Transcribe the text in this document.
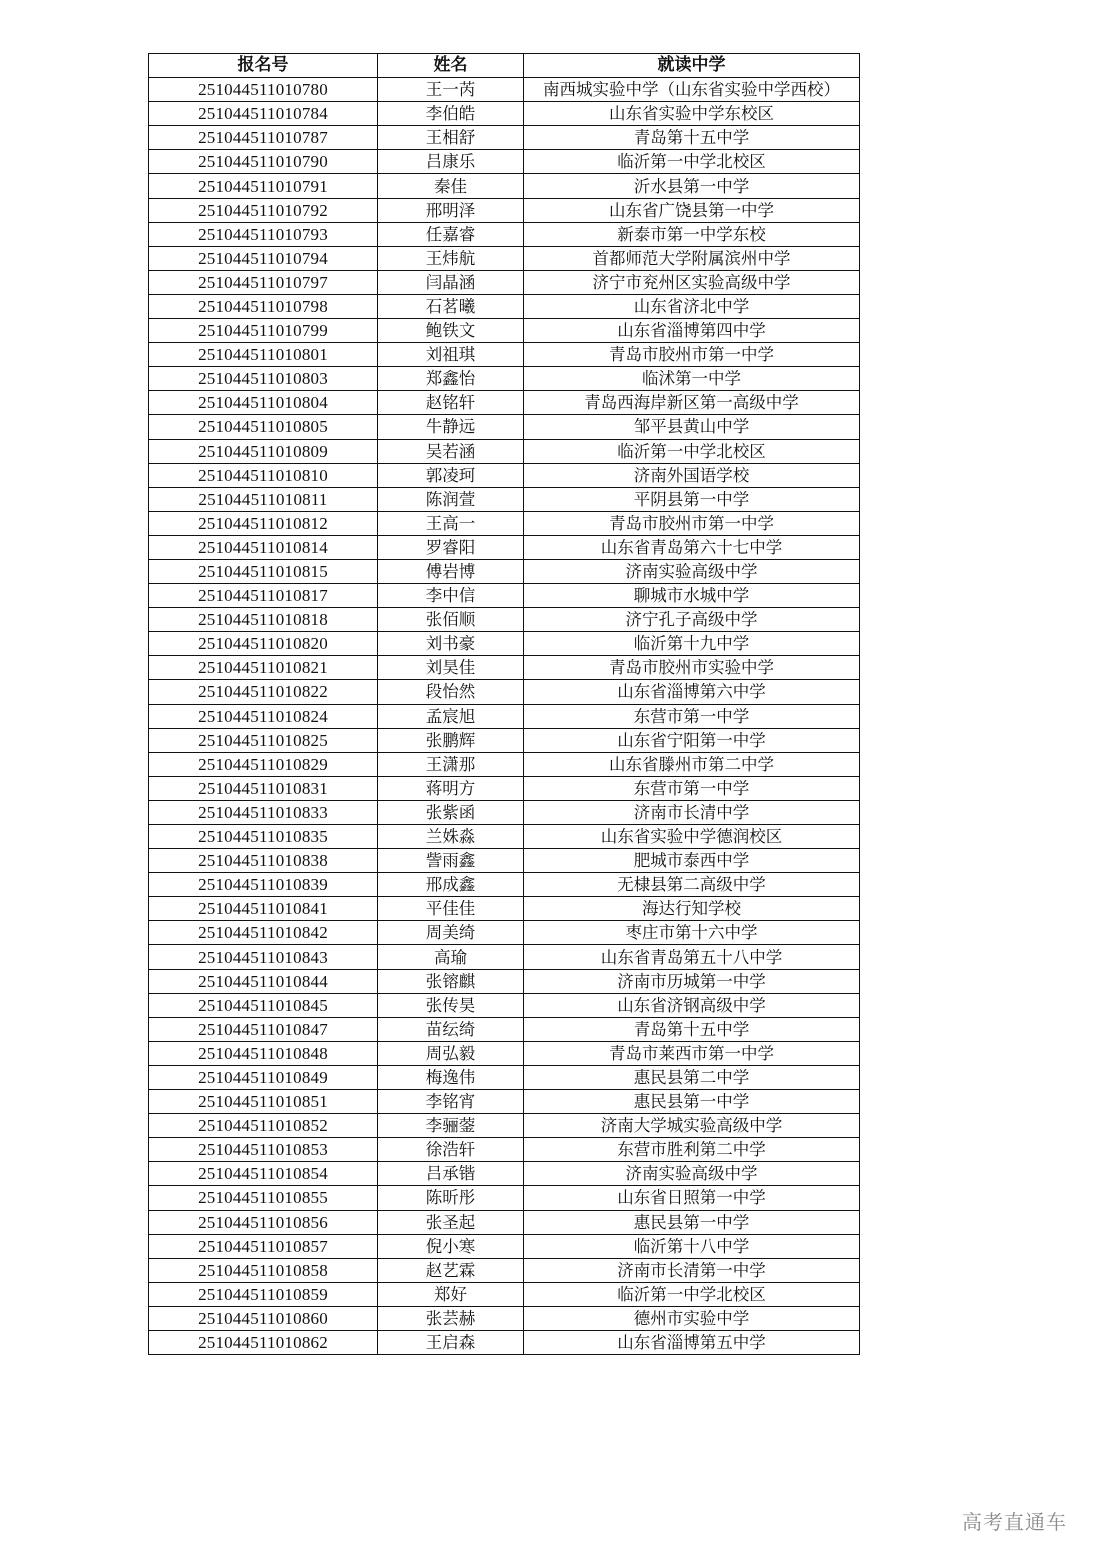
报名号	姓名	就读中学
251044511010780	王一芮	南西城实验中学（山东省实验中学西校）
251044511010784	李伯皓	山东省实验中学东校区
251044511010787	王相舒	青岛第十五中学
251044511010790	吕康乐	临沂第一中学北校区
251044511010791	秦佳	沂水县第一中学
251044511010792	邢明泽	山东省广饶县第一中学
251044511010793	任嘉睿	新泰市第一中学东校
251044511010794	王炜航	首都师范大学附属滨州中学
251044511010797	闫晶涵	济宁市兖州区实验高级中学
251044511010798	石茗曦	山东省济北中学
251044511010799	鲍铁文	山东省淄博第四中学
251044511010801	刘祖琪	青岛市胶州市第一中学
251044511010803	郑鑫怡	临沭第一中学
251044511010804	赵铭轩	青岛西海岸新区第一高级中学
251044511010805	牛静远	邹平县黄山中学
251044511010809	吴若涵	临沂第一中学北校区
251044511010810	郭凌珂	济南外国语学校
251044511010811	陈润萱	平阴县第一中学
251044511010812	王高一	青岛市胶州市第一中学
251044511010814	罗睿阳	山东省青岛第六十七中学
251044511010815	傅岩博	济南实验高级中学
251044511010817	李中信	聊城市水城中学
251044511010818	张佰顺	济宁孔子高级中学
251044511010820	刘书豪	临沂第十九中学
251044511010821	刘昊佳	青岛市胶州市实验中学
251044511010822	段怡然	山东省淄博第六中学
251044511010824	孟宸旭	东营市第一中学
251044511010825	张鹏辉	山东省宁阳第一中学
251044511010829	王潇那	山东省滕州市第二中学
251044511010831	蒋明方	东营市第一中学
251044511010833	张紫函	济南市长清中学
251044511010835	兰姝淼	山东省实验中学德润校区
251044511010838	訾雨鑫	肥城市泰西中学
251044511010839	邢成鑫	无棣县第二高级中学
251044511010841	平佳佳	海达行知学校
251044511010842	周美绮	枣庄市第十六中学
251044511010843	高瑜	山东省青岛第五十八中学
251044511010844	张镕麒	济南市历城第一中学
251044511010845	张传昊	山东省济钢高级中学
251044511010847	苗纭绮	青岛第十五中学
251044511010848	周弘毅	青岛市莱西市第一中学
251044511010849	梅逸伟	惠民县第二中学
251044511010851	李铭宵	惠民县第一中学
251044511010852	李骊蓥	济南大学城实验高级中学
251044511010853	徐浩轩	东营市胜利第二中学
251044511010854	吕承锴	济南实验高级中学
251044511010855	陈昕彤	山东省日照第一中学
251044511010856	张圣起	惠民县第一中学
251044511010857	倪小寒	临沂第十八中学
251044511010858	赵艺霖	济南市长清第一中学
251044511010859	郑好	临沂第一中学北校区
251044511010860	张芸赫	德州市实验中学
251044511010862	王启森	山东省淄博第五中学
高考直通车
